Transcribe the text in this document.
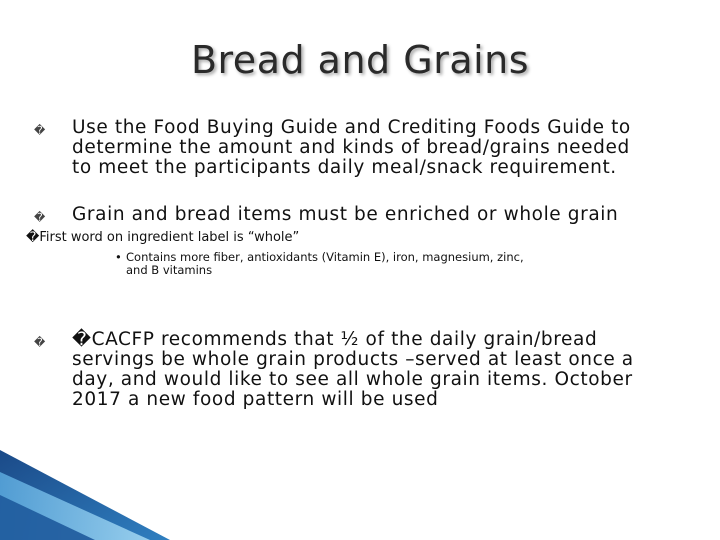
Bread and Grains
� Use the Food Buying Guide and Crediting Foods Guide to
determine the amount and kinds of bread/grains needed
to meet the participants daily meal/snack requirement.
� Grain and bread items must be enriched or whole grain
�First word on ingredient label is “whole”
• Contains more fiber, antioxidants (Vitamin E), iron, magnesium, zinc,
and B vitamins
� �CACFP recommends that ½ of the daily grain/bread
servings be whole grain products –served at least once a
day, and would like to see all whole grain items. October
2017 a new food pattern will be used
